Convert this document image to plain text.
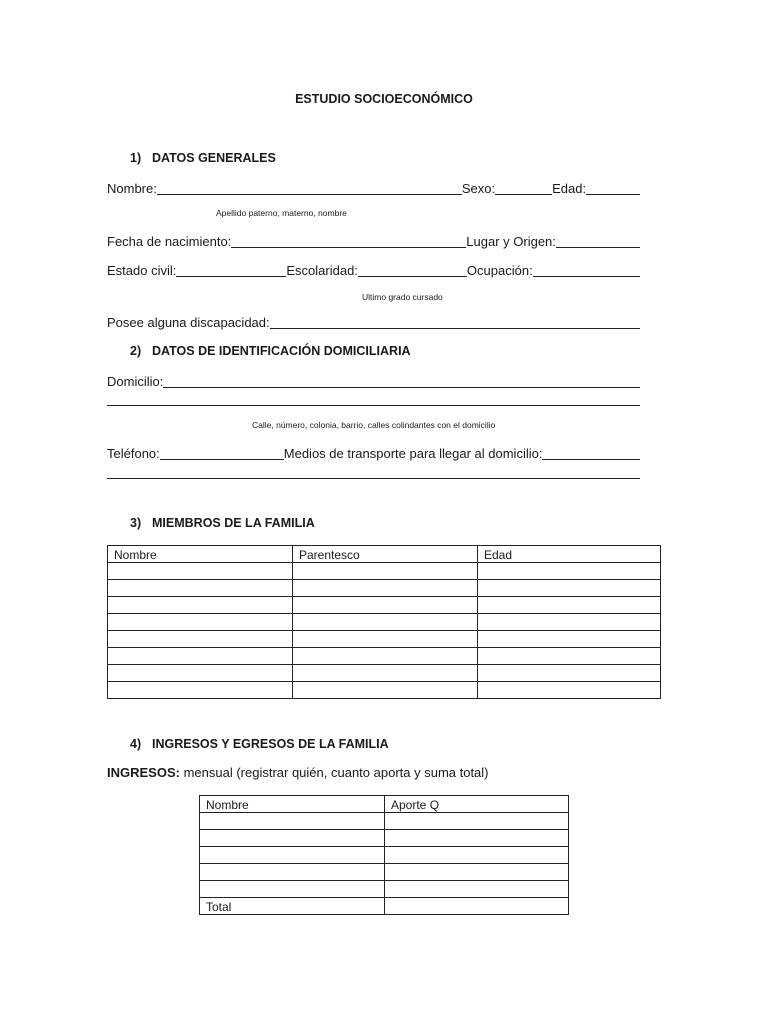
ESTUDIO SOCIOECONÓMICO
1) DATOS GENERALES
Nombre:	Sexo:	Edad:
Apellido paterno, materno, nombre
Fecha de nacimiento:	Lugar y Origen:
Estado civil:	Escolaridad:	Ocupación:
Ultimo grado cursado
Posee alguna discapacidad:
2) DATOS DE IDENTIFICACIÓN DOMICILIARIA
Domicilio:
Calle, número, colonia, barrio, calles colindantes con el domicilio
Teléfono:	Medios de transporte para llegar al domicilio:
3) MIEMBROS DE LA FAMILIA
Nombre	Parentesco	Edad

4) INGRESOS Y EGRESOS DE LA FAMILIA
INGRESOS: mensual (registrar quién, cuanto aporta y suma total)
Nombre	Aporte Q

Total	
